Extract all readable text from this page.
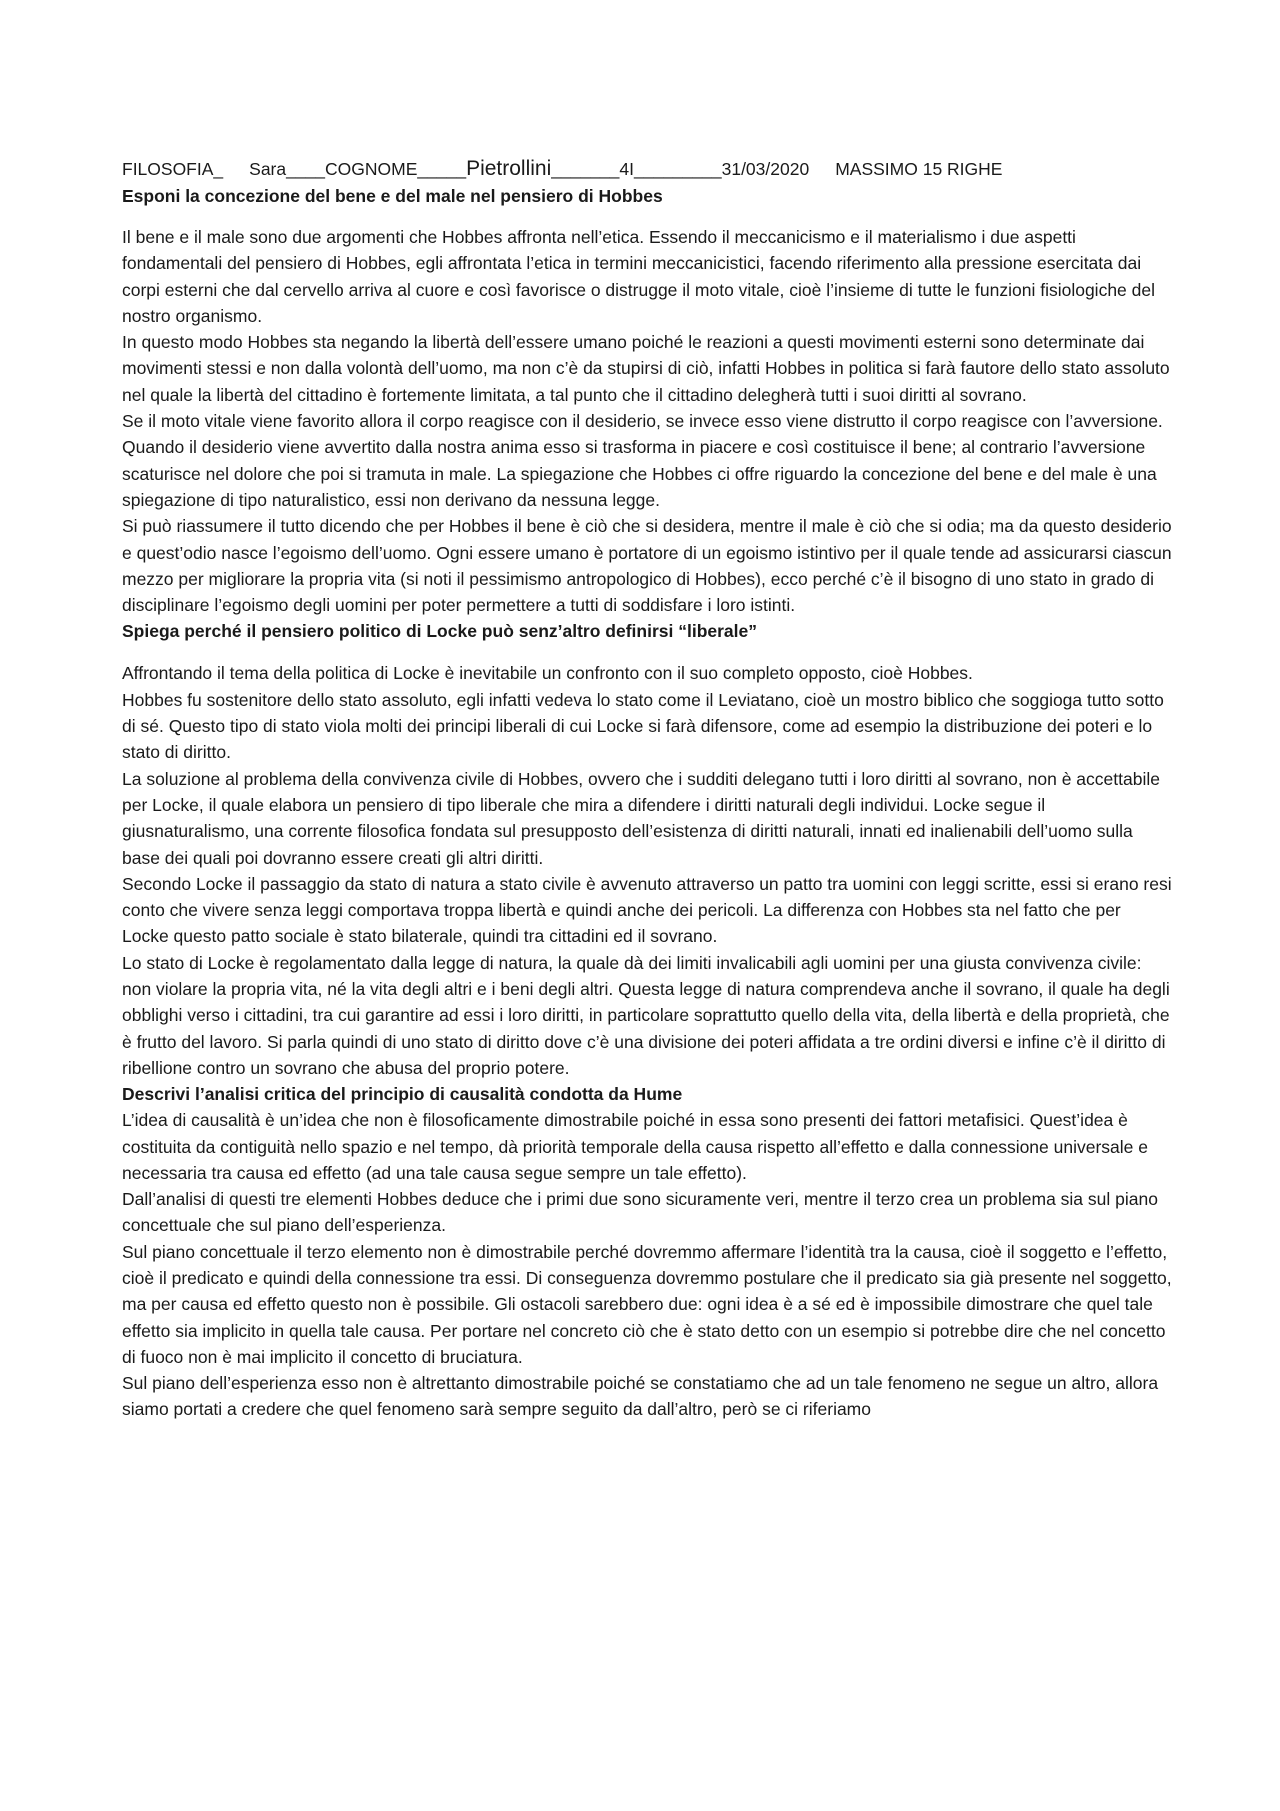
FILOSOFIA_ Sara____COGNOME_____Pietrollini_______4I_________31/03/2020 MASSIMO 15 RIGHE
Esponi la concezione del bene e del male nel pensiero di Hobbes

Il bene e il male sono due argomenti che Hobbes affronta nell’etica. Essendo il meccanicismo e il materialismo i due aspetti fondamentali del pensiero di Hobbes, egli affrontata l’etica in termini meccanicistici, facendo riferimento alla pressione esercitata dai corpi esterni che dal cervello arriva al cuore e così favorisce o distrugge il moto vitale, cioè l’insieme di tutte le funzioni fisiologiche del nostro organismo.

In questo modo Hobbes sta negando la libertà dell’essere umano poiché le reazioni a questi movimenti esterni sono determinate dai movimenti stessi e non dalla volontà dell’uomo, ma non c’è da stupirsi di ciò, infatti Hobbes in politica si farà fautore dello stato assoluto nel quale la libertà del cittadino è fortemente limitata, a tal punto che il cittadino delegherà tutti i suoi diritti al sovrano.

Se il moto vitale viene favorito allora il corpo reagisce con il desiderio, se invece esso viene distrutto il corpo reagisce con l’avversione. Quando il desiderio viene avvertito dalla nostra anima esso si trasforma in piacere e così costituisce il bene; al contrario l’avversione scaturisce nel dolore che poi si tramuta in male. La spiegazione che Hobbes ci offre riguardo la concezione del bene e del male è una spiegazione di tipo naturalistico, essi non derivano da nessuna legge.

Si può riassumere il tutto dicendo che per Hobbes il bene è ciò che si desidera, mentre il male è ciò che si odia; ma da questo desiderio e quest’odio nasce l’egoismo dell’uomo. Ogni essere umano è portatore di un egoismo istintivo per il quale tende ad assicurarsi ciascun mezzo per migliorare la propria vita (si noti il pessimismo antropologico di Hobbes), ecco perché c’è il bisogno di uno stato in grado di disciplinare l’egoismo degli uomini per poter permettere a tutti di soddisfare i loro istinti.

Spiega perché il pensiero politico di Locke può senz’altro definirsi “liberale”

Affrontando il tema della politica di Locke è inevitabile un confronto con il suo completo opposto, cioè Hobbes.

Hobbes fu sostenitore dello stato assoluto, egli infatti vedeva lo stato come il Leviatano, cioè un mostro biblico che soggioga tutto sotto di sé. Questo tipo di stato viola molti dei principi liberali di cui Locke si farà difensore, come ad esempio la distribuzione dei poteri e lo stato di diritto.

La soluzione al problema della convivenza civile di Hobbes, ovvero che i sudditi delegano tutti i loro diritti al sovrano, non è accettabile per Locke, il quale elabora un pensiero di tipo liberale che mira a difendere i diritti naturali degli individui. Locke segue il giusnaturalismo, una corrente filosofica fondata sul presupposto dell’esistenza di diritti naturali, innati ed inalienabili dell’uomo sulla base dei quali poi dovranno essere creati gli altri diritti.

Secondo Locke il passaggio da stato di natura a stato civile è avvenuto attraverso un patto tra uomini con leggi scritte, essi si erano resi conto che vivere senza leggi comportava troppa libertà e quindi anche dei pericoli. La differenza con Hobbes sta nel fatto che per Locke questo patto sociale è stato bilaterale, quindi tra cittadini ed il sovrano.

Lo stato di Locke è regolamentato dalla legge di natura, la quale dà dei limiti invalicabili agli uomini per una giusta convivenza civile: non violare la propria vita, né la vita degli altri e i beni degli altri. Questa legge di natura comprendeva anche il sovrano, il quale ha degli obblighi verso i cittadini, tra cui garantire ad essi i loro diritti, in particolare soprattutto quello della vita, della libertà e della proprietà, che è frutto del lavoro. Si parla quindi di uno stato di diritto dove c’è una divisione dei poteri affidata a tre ordini diversi e infine c’è il diritto di ribellione contro un sovrano che abusa del proprio potere.

Descrivi l’analisi critica del principio di causalità condotta da Hume

L’idea di causalità è un’idea che non è filosoficamente dimostrabile poiché in essa sono presenti dei fattori metafisici. Quest’idea è costituita da contiguità nello spazio e nel tempo, dà priorità temporale della causa rispetto all’effetto e dalla connessione universale e necessaria tra causa ed effetto (ad una tale causa segue sempre un tale effetto).

Dall’analisi di questi tre elementi Hobbes deduce che i primi due sono sicuramente veri, mentre il terzo crea un problema sia sul piano concettuale che sul piano dell’esperienza.

Sul piano concettuale il terzo elemento non è dimostrabile perché dovremmo affermare l’identità tra la causa, cioè il soggetto e l’effetto, cioè il predicato e quindi della connessione tra essi. Di conseguenza dovremmo postulare che il predicato sia già presente nel soggetto, ma per causa ed effetto questo non è possibile. Gli ostacoli sarebbero due: ogni idea è a sé ed è impossibile dimostrare che quel tale effetto sia implicito in quella tale causa. Per portare nel concreto ciò che è stato detto con un esempio si potrebbe dire che nel concetto di fuoco non è mai implicito il concetto di bruciatura.

Sul piano dell’esperienza esso non è altrettanto dimostrabile poiché se constatiamo che ad un tale fenomeno ne segue un altro, allora siamo portati a credere che quel fenomeno sarà sempre seguito da dall’altro, però se ci riferiamo
